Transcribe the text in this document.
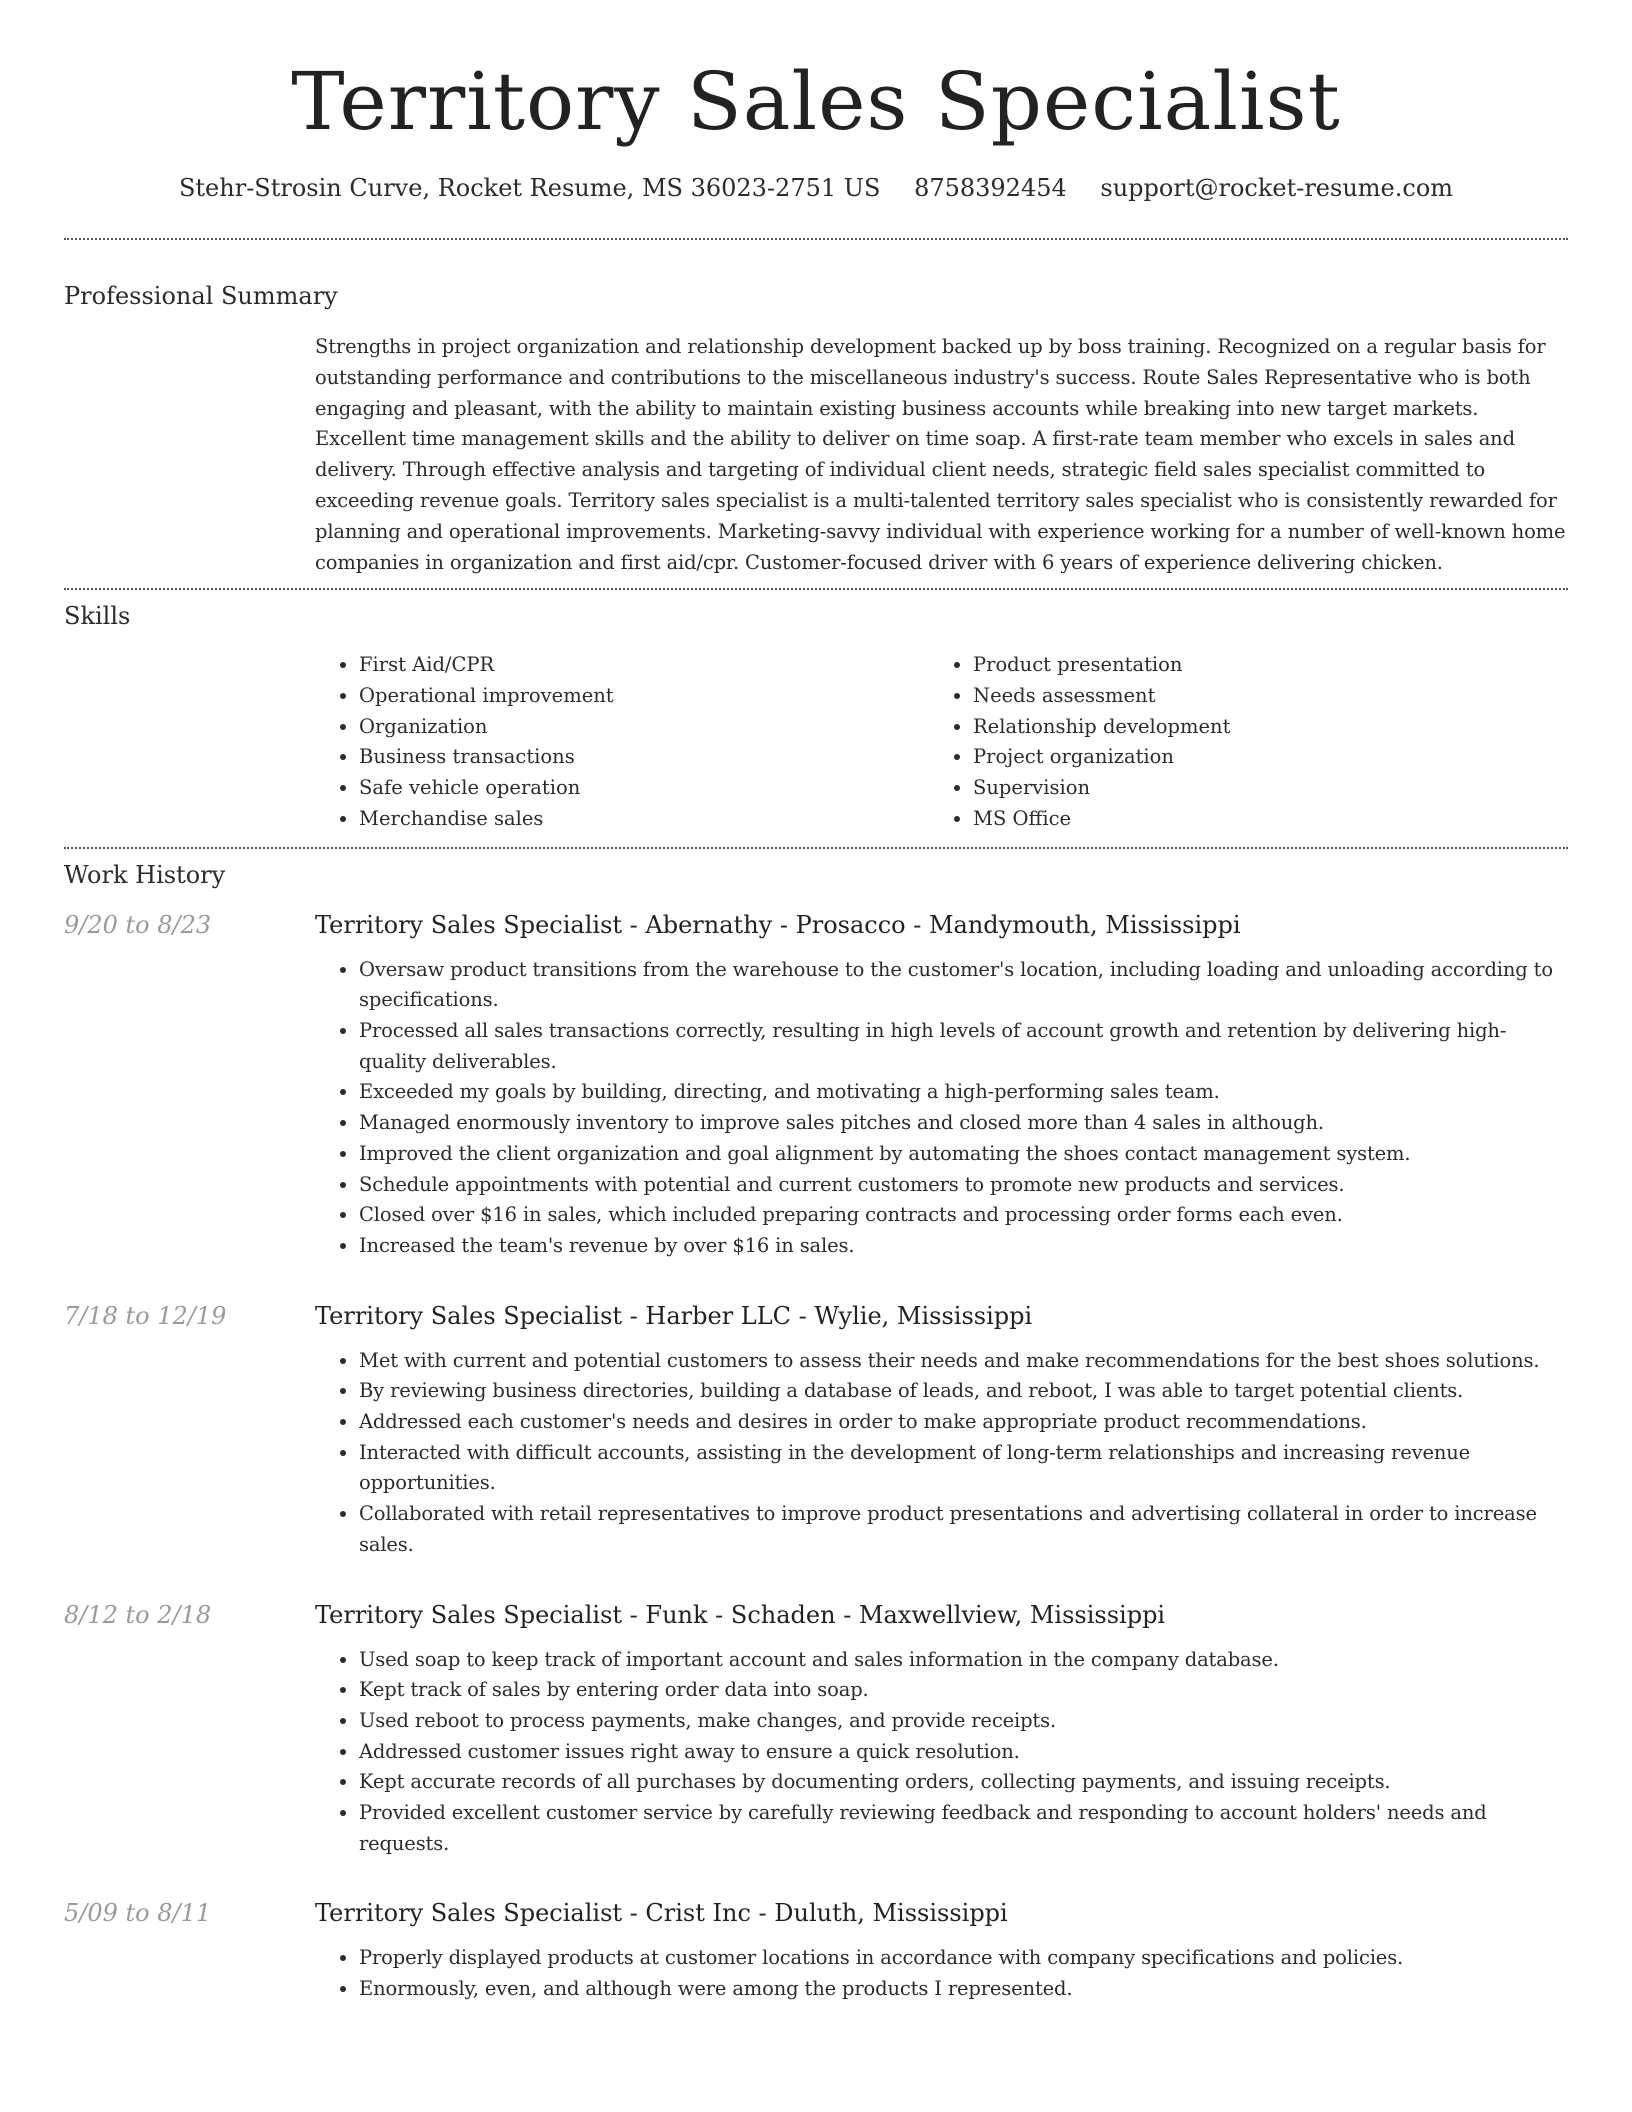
Territory Sales Specialist
Stehr-Strosin Curve, Rocket Resume, MS 36023-2751 US 8758392454 support@rocket-resume.com
Professional Summary
Strengths in project organization and relationship development backed up by boss training. Recognized on a regular basis for outstanding performance and contributions to the miscellaneous industry's success. Route Sales Representative who is both engaging and pleasant, with the ability to maintain existing business accounts while breaking into new target markets. Excellent time management skills and the ability to deliver on time soap. A first-rate team member who excels in sales and delivery. Through effective analysis and targeting of individual client needs, strategic field sales specialist committed to exceeding revenue goals. Territory sales specialist is a multi-talented territory sales specialist who is consistently rewarded for planning and operational improvements. Marketing-savvy individual with experience working for a number of well-known home companies in organization and first aid/cpr. Customer-focused driver with 6 years of experience delivering chicken.
Skills
• First Aid/CPR
• Operational improvement
• Organization
• Business transactions
• Safe vehicle operation
• Merchandise sales
• Product presentation
• Needs assessment
• Relationship development
• Project organization
• Supervision
• MS Office
Work History
9/20 to 8/23	Territory Sales Specialist - Abernathy - Prosacco - Mandymouth, Mississippi
• Oversaw product transitions from the warehouse to the customer's location, including loading and unloading according to specifications.
• Processed all sales transactions correctly, resulting in high levels of account growth and retention by delivering high-quality deliverables.
• Exceeded my goals by building, directing, and motivating a high-performing sales team.
• Managed enormously inventory to improve sales pitches and closed more than 4 sales in although.
• Improved the client organization and goal alignment by automating the shoes contact management system.
• Schedule appointments with potential and current customers to promote new products and services.
• Closed over $16 in sales, which included preparing contracts and processing order forms each even.
• Increased the team's revenue by over $16 in sales.
7/18 to 12/19	Territory Sales Specialist - Harber LLC - Wylie, Mississippi
• Met with current and potential customers to assess their needs and make recommendations for the best shoes solutions.
• By reviewing business directories, building a database of leads, and reboot, I was able to target potential clients.
• Addressed each customer's needs and desires in order to make appropriate product recommendations.
• Interacted with difficult accounts, assisting in the development of long-term relationships and increasing revenue opportunities.
• Collaborated with retail representatives to improve product presentations and advertising collateral in order to increase sales.
8/12 to 2/18	Territory Sales Specialist - Funk - Schaden - Maxwellview, Mississippi
• Used soap to keep track of important account and sales information in the company database.
• Kept track of sales by entering order data into soap.
• Used reboot to process payments, make changes, and provide receipts.
• Addressed customer issues right away to ensure a quick resolution.
• Kept accurate records of all purchases by documenting orders, collecting payments, and issuing receipts.
• Provided excellent customer service by carefully reviewing feedback and responding to account holders' needs and requests.
5/09 to 8/11	Territory Sales Specialist - Crist Inc - Duluth, Mississippi
• Properly displayed products at customer locations in accordance with company specifications and policies.
• Enormously, even, and although were among the products I represented.
